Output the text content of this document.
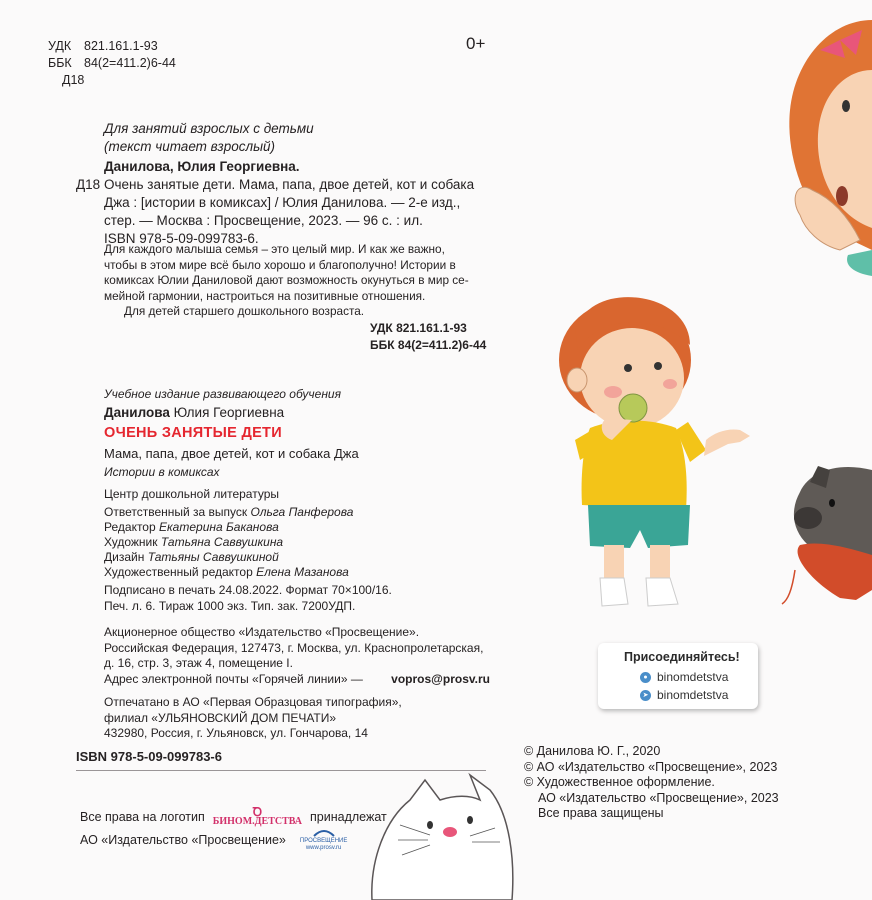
УДК 821.161.1-93
ББК 84(2=411.2)6-44
Д18
0+
Для занятий взрослых с детьми
(текст читает взрослый)
Данилова, Юлия Георгиевна.
Д18 Очень занятые дети. Мама, папа, двое детей, кот и собака
Джа : [истории в комиксах] / Юлия Данилова. — 2-е изд.,
стер. — Москва : Просвещение, 2023. — 96 с. : ил.
ISBN 978-5-09-099783-6.

Для каждого малыша семья – это целый мир. И как же важно,

чтобы в этом мире всё было хорошо и благополучно! Истории в

комиксах Юлии Даниловой дают возможность окунуться в мир се-

мейной гармонии, настроиться на позитивные отношения.

Для детей старшего дошкольного возраста.

УДК 821.161.1-93
ББК 84(2=411.2)6-44
Учебное издание развивающего обучения
Данилова Юлия Георгиевна
ОЧЕНЬ ЗАНЯТЫЕ ДЕТИ
Мама, папа, двое детей, кот и собака Джа
Истории в комиксах
Центр дошкольной литературы
Ответственный за выпуск Ольга Панферова
Редактор Екатерина Баканова
Художник Татьяна Саввушкина
Дизайн Татьяны Саввушкиной
Художественный редактор Елена Мазанова
Подписано в печать 24.08.2022. Формат 70×100/16.
Печ. л. 6. Тираж 1000 экз. Тип. зак. 7200УДП.
Акционерное общество «Издательство «Просвещение».
Российская Федерация, 127473, г. Москва, ул. Краснопролетарская,
д. 16, стр. 3, этаж 4, помещение I.
Адрес электронной почты «Горячей линии» — vopros@prosv.ru
Отпечатано в АО «Первая Образцовая типография»,
филиал «УЛЬЯНОВСКИЙ ДОМ ПЕЧАТИ»
432980, Россия, г. Ульяновск, ул. Гончарова, 14
ISBN 978-5-09-099783-6
Все права на логотип	Ꝺ
БИНОМ.ДЕТСТВА принадлежат
АО «Издательство «Просвещение» ПРОСВЕЩЕНИЕ
www.prosv.ru
© Данилова Ю. Г., 2020
© АО «Издательство «Просвещение», 2023
© Художественное оформление.
АО «Издательство «Просвещение», 2023
Все права защищены
Присоединяйтесь!
● binomdetstva
➤ binomdetstva
